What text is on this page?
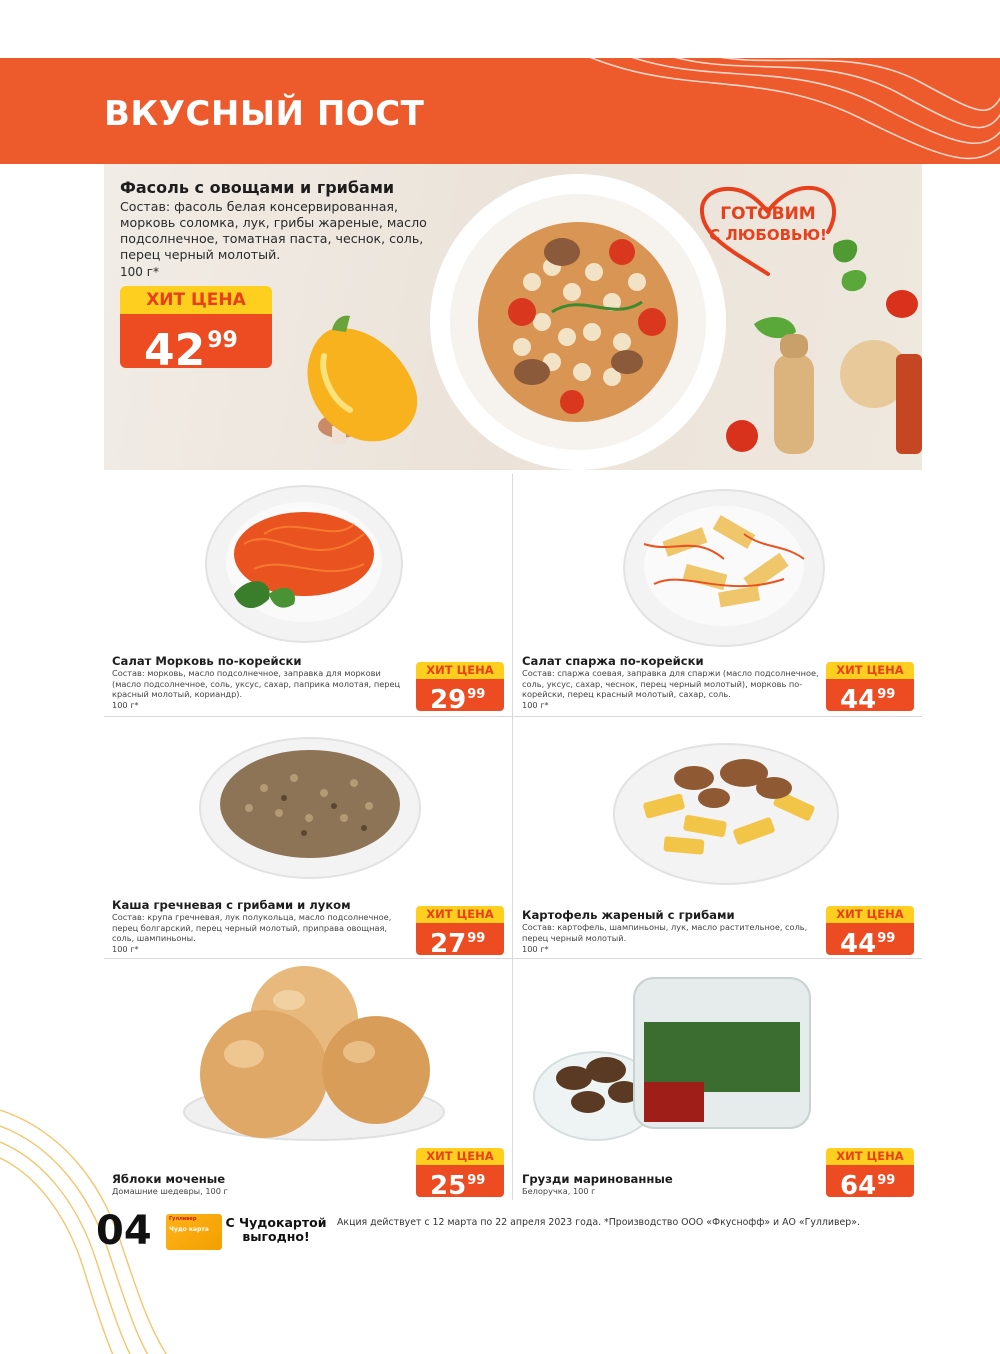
ВКУСНЫЙ ПОСТ
Фасоль с овощами и грибами
Состав: фасоль белая консервированная, морковь соломка, лук, грибы жареные, масло подсолнечное, томатная паста, чеснок, соль, перец черный молотый.
100 г*
ХИТ ЦЕНА
$42^{99}$
ГОТОВИМ
С ЛЮБОВЬЮ!
Салат Морковь по-корейски
Состав: морковь, масло подсолнечное, заправка для моркови (масло подсолнечное, соль, уксус, сахар, паприка молотая, перец красный молотый, кориандр).
100 г*
ХИТ ЦЕНА
$29^{99}$
Салат спаржа по-корейски
Состав: спаржа соевая, заправка для спаржи (масло подсолнечное, соль, уксус, сахар, чеснок, перец черный молотый), морковь по-корейски, перец красный молотый, сахар, соль.
100 г*
ХИТ ЦЕНА
$44^{99}$
Каша гречневая с грибами и луком
Состав: крупа гречневая, лук полукольца, масло подсолнечное, перец болгарский, перец черный молотый, приправа овощная, соль, шампиньоны.
100 г*
ХИТ ЦЕНА
$27^{99}$
Картофель жареный с грибами
Состав: картофель, шампиньоны, лук, масло растительное, соль, перец черный молотый.
100 г*
ХИТ ЦЕНА
$44^{99}$
Яблоки моченые
Домашние шедевры, 100 г
ХИТ ЦЕНА
$25^{99}$	Грузди маринованные
Белоручка, 100 г
ХИТ ЦЕНА
$64^{99}$
04	Гулливер
Чудо карта С Чудокартой выгодно!
Акция действует с 12 марта по 22 апреля 2023 года. *Производство ООО «Фкуснофф» и АО «Гулливер».
